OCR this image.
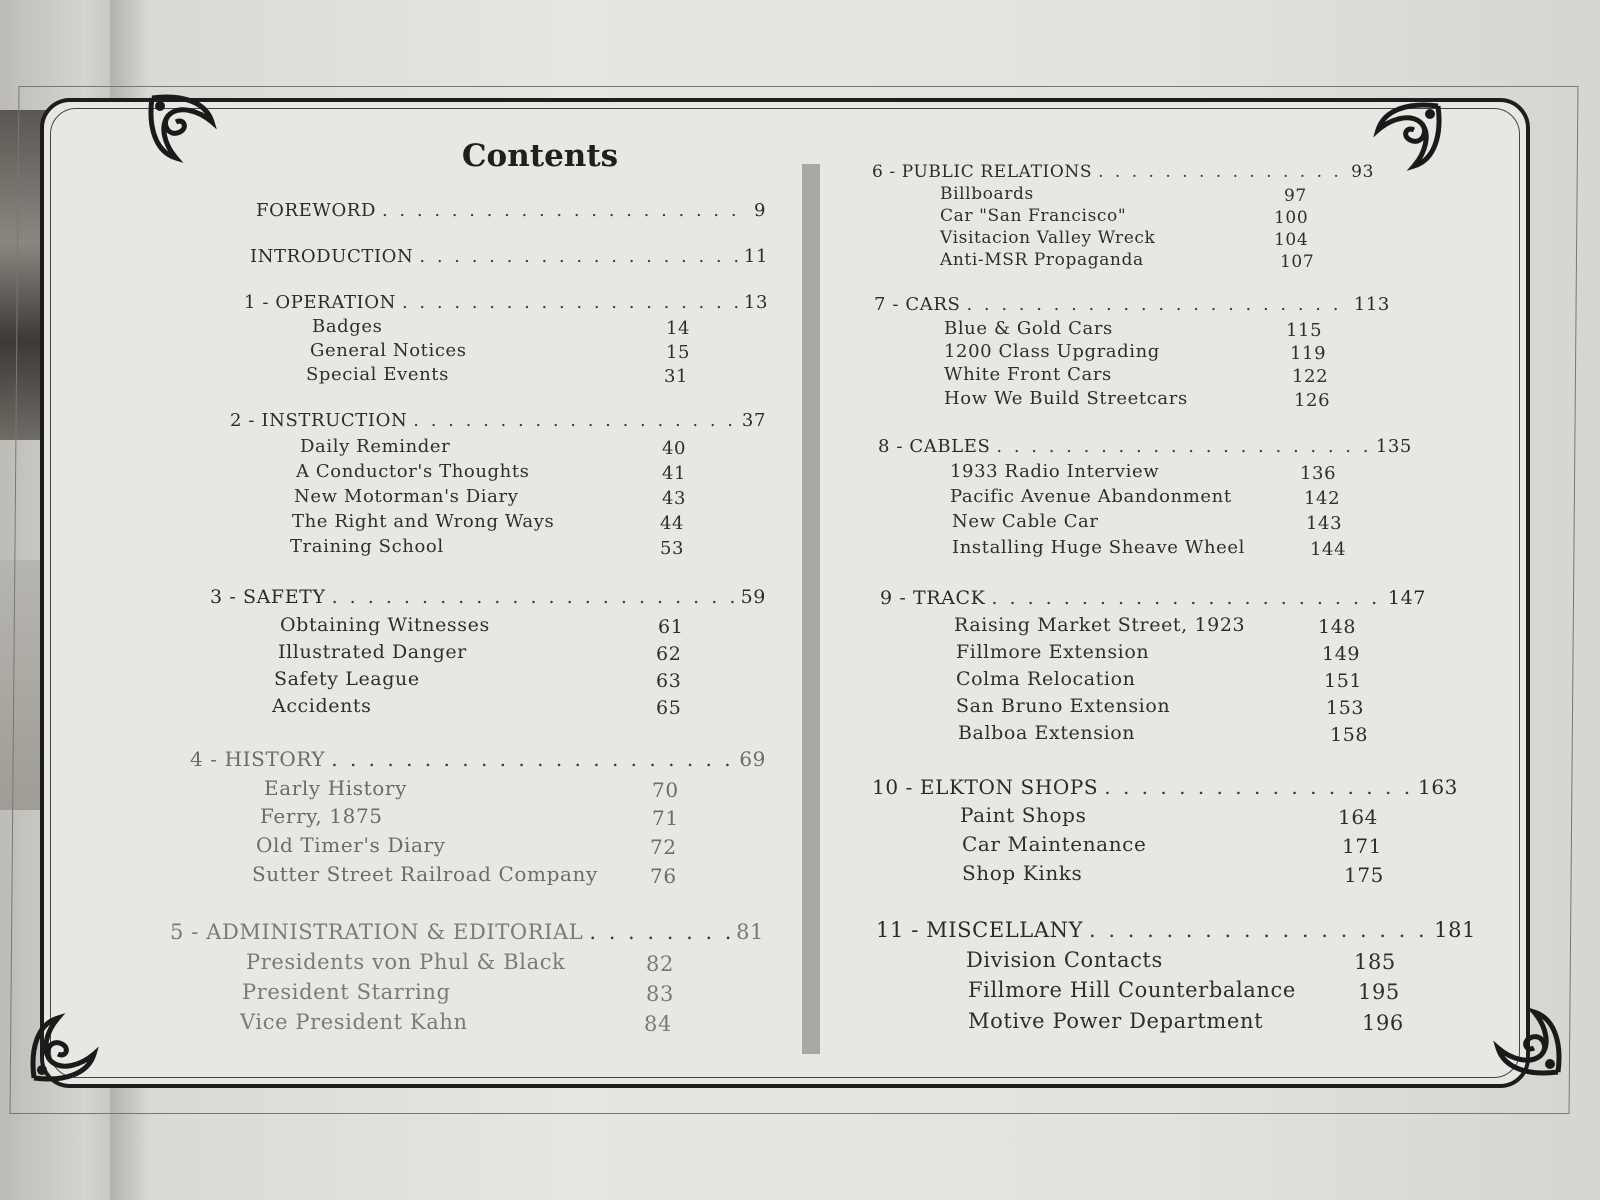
Contents
FOREWORD . . .	9
INTRODUCTION . . .	11
1 - OPERATION . . .	13
Badges	14
General Notices	15
Special Events	31
2 - INSTRUCTION . . .	37
Daily Reminder	40
A Conductor's Thoughts	41
New Motorman's Diary	43
The Right and Wrong Ways	44
Training School	53
3 - SAFETY . . .	59
Obtaining Witnesses	61
Illustrated Danger	62
Safety League	63
Accidents	65
4 - HISTORY . . .	69
Early History	70
Ferry, 1875	71
Old Timer's Diary	72
Sutter Street Railroad Company	76
5 - ADMINISTRATION & EDITORIAL . . .	81
Presidents von Phul & Black	82
President Starring	83
Vice President Kahn	84
6 - PUBLIC RELATIONS . . .	93
Billboards	97
Car "San Francisco"	100
Visitacion Valley Wreck	104
Anti-MSR Propaganda	107
7 - CARS . . .	113
Blue & Gold Cars	115
1200 Class Upgrading	119
White Front Cars	122
How We Build Streetcars	126
8 - CABLES . . .	135
1933 Radio Interview	136
Pacific Avenue Abandonment	142
New Cable Car	143
Installing Huge Sheave Wheel	144
9 - TRACK . . .	147
Raising Market Street, 1923	148
Fillmore Extension	149
Colma Relocation	151
San Bruno Extension	153
Balboa Extension	158
10 - ELKTON SHOPS . . .	163
Paint Shops	164
Car Maintenance	171
Shop Kinks	175
11 - MISCELLANY . . .	181
Division Contacts	185
Fillmore Hill Counterbalance	195
Motive Power Department	196
